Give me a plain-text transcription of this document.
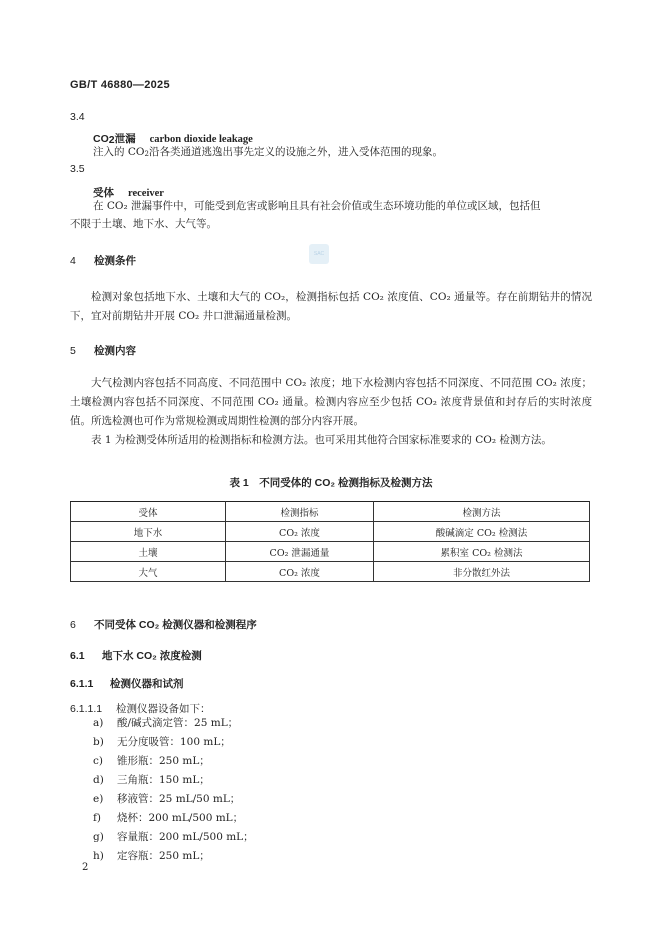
GB/T 46880—2025
3.4
$CO_2$泄漏 carbon dioxide leakage
注入的 $CO_2$沿各类通道逃逸出事先定义的设施之外，进入受体范围的现象。
3.5
受体 receiver
在 CO₂ 泄漏事件中，可能受到危害或影响且具有社会价值或生态环境功能的单位或区域，包括但
不限于土壤、地下水、大气等。
SAC
4 检测条件
检测对象包括地下水、土壤和大气的 CO₂，检测指标包括 CO₂ 浓度值、CO₂ 通量等。存在前期钻井的情况下，宜对前期钻井开展 CO₂ 井口泄漏通量检测。
5 检测内容
大气检测内容包括不同高度、不同范围中 CO₂ 浓度；地下水检测内容包括不同深度、不同范围 CO₂ 浓度；土壤检测内容包括不同深度、不同范围 CO₂ 通量。检测内容应至少包括 CO₂ 浓度背景值和封存后的实时浓度值。所选检测也可作为常规检测或周期性检测的部分内容开展。
表 1 为检测受体所适用的检测指标和检测方法。也可采用其他符合国家标准要求的 CO₂ 检测方法。
表 1　不同受体的 CO₂ 检测指标及检测方法
受体	检测指标	检测方法
地下水	CO₂ 浓度	酸碱滴定 CO₂ 检测法
土壤	CO₂ 泄漏通量	累积室 CO₂ 检测法
大气	CO₂ 浓度	非分散红外法
6 不同受体 CO₂ 检测仪器和检测程序
6.1 地下水 CO₂ 浓度检测
6.1.1 检测仪器和试剂
6.1.1.1 检测仪器设备如下：
a) 酸/碱式滴定管：25 mL；
b) 无分度吸管：100 mL；
c) 锥形瓶：250 mL；
d) 三角瓶：150 mL；
e) 移液管：25 mL/50 mL；
f) 烧杯：200 mL/500 mL；
g) 容量瓶：200 mL/500 mL；
h) 定容瓶：250 mL；
2
